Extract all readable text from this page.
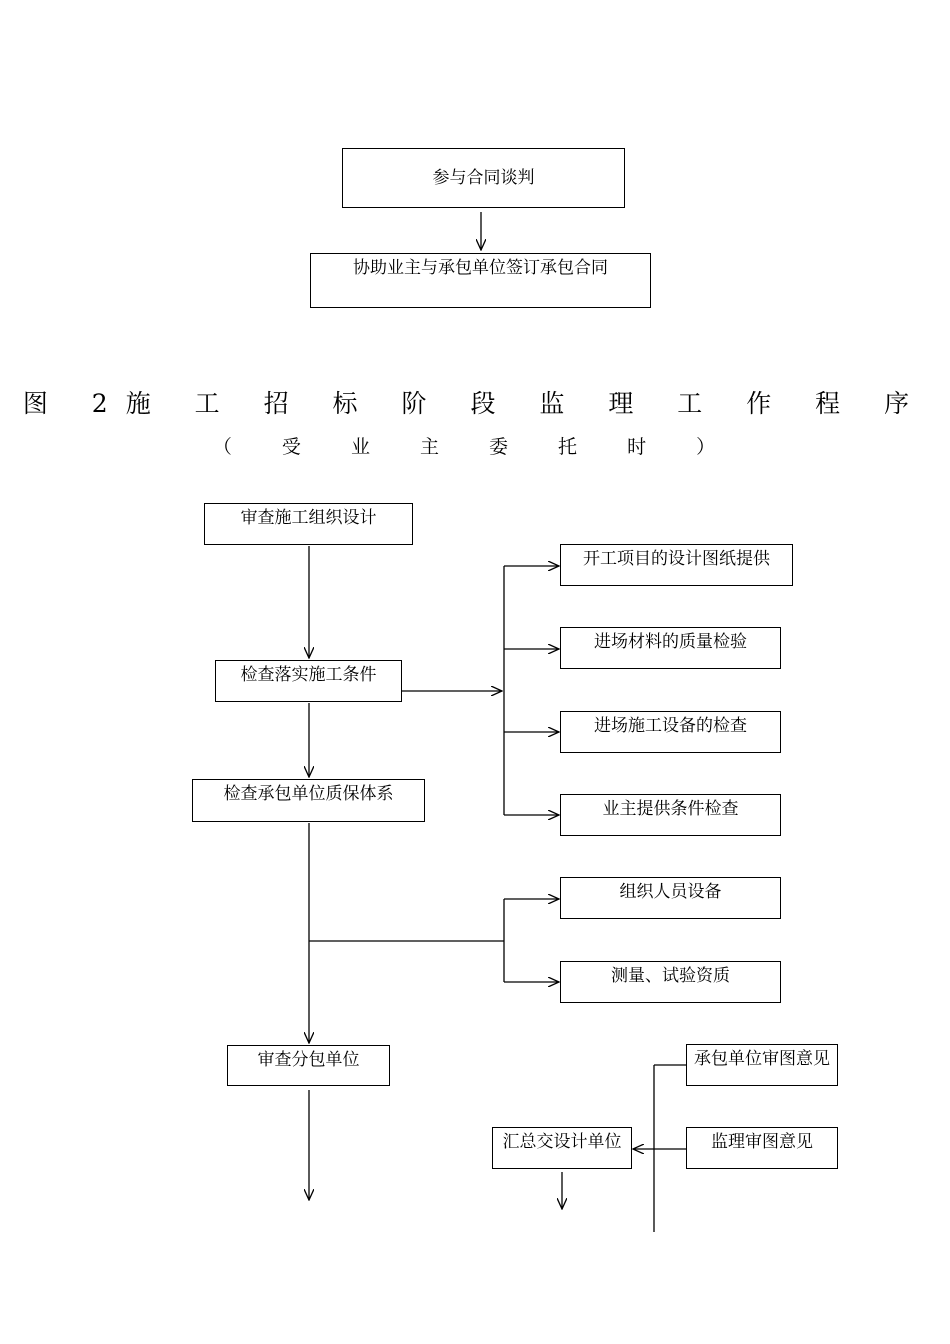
参与合同谈判
协助业主与承包单位签订承包合同
图 2施 工 招 标 阶 段 监 理 工 作 程 序
（ 受 业 主 委 托 时 ）
审查施工组织设计
检查落实施工条件
检查承包单位质保体系
审查分包单位
开工项目的设计图纸提供
进场材料的质量检验
进场施工设备的检查
业主提供条件检查
组织人员设备
测量、试验资质
汇总交设计单位
承包单位审图意见
监理审图意见
